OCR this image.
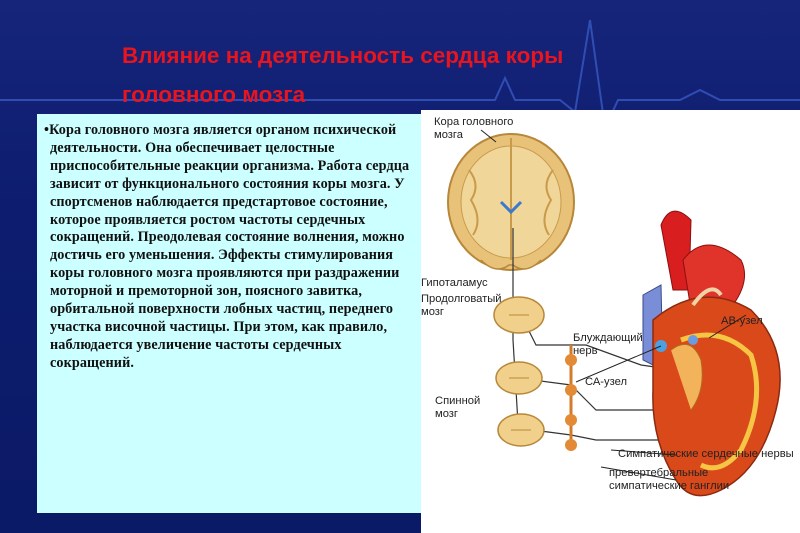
Влияние на деятельность сердца коры
головного мозга

•Кора головного мозга является органом психической деятельности. Она обеспечивает целостные приспособительные реакции организма. Работа сердца зависит от функционального состояния коры мозга. У спортсменов наблюдается предстартовое состояние, которое проявляется ростом частоты сердечных сокращений. Преодолевая состояние волнения, можно достичь его уменьшения. Эффекты стимулирования коры головного мозга проявляются при раздражении моторной и премоторной зон, поясного завитка, орбитальной поверхности лобных частиц, переднего участка височной частицы. При этом, как правило, наблюдается увеличение частоты сердечных сокращений.

Кора головного
мозга
Гипоталамус
Продолговатый
мозг
Блуждающий
нерв
СА-узел
АВ-узел
Спинной
мозг
Симпатические сердечные нервы
превертебральные
симпатические ганглии
